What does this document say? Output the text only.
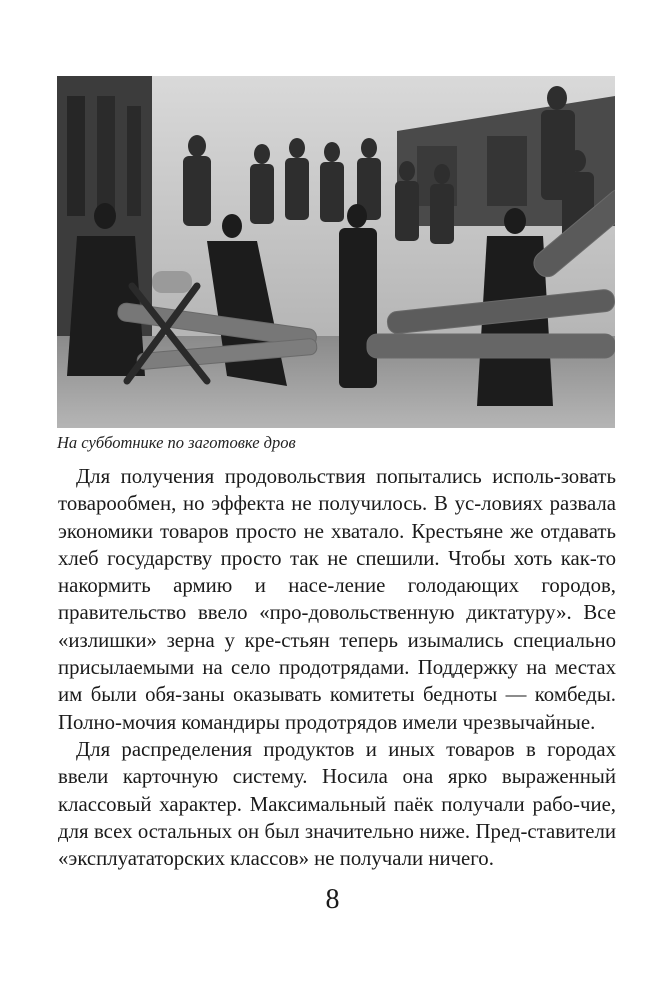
На субботнике по заготовке дров

Для получения продовольствия попытались исполь-зовать товарообмен, но эффекта не получилось. В ус-ловиях развала экономики товаров просто не хватало. Крестьяне же отдавать хлеб государству просто так не спешили. Чтобы хоть как-то накормить армию и насе-ление голодающих городов, правительство ввело «про-довольственную диктатуру». Все «излишки» зерна у кре-стьян теперь изымались специально присылаемыми на село продотрядами. Поддержку на местах им были обя-заны оказывать комитеты бедноты — комбеды. Полно-мочия командиры продотрядов имели чрезвычайные.

Для распределения продуктов и иных товаров в городах ввели карточную систему. Носила она ярко выраженный классовый характер. Максимальный паёк получали рабо-чие, для всех остальных он был значительно ниже. Пред-ставители «эксплуататорских классов» не получали ничего.

8
